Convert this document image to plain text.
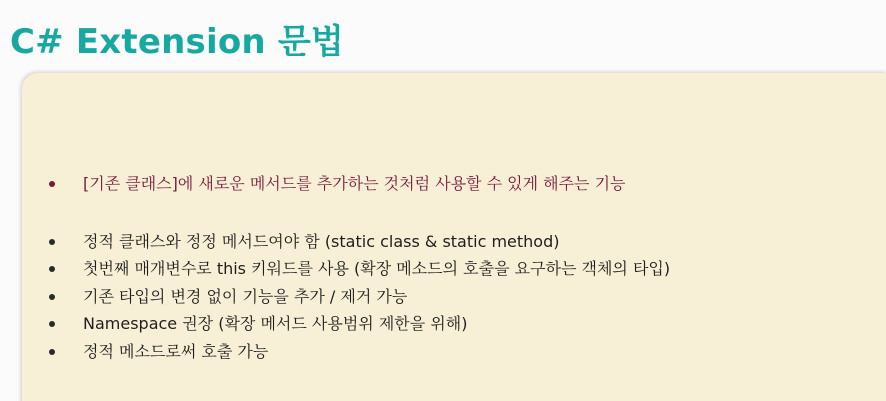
C# Extension 문법
[기존 클래스]에 새로운 메서드를 추가하는 것처럼 사용할 수 있게 해주는 기능
정적 클래스와 정정 메서드여야 함 (static class & static method)
첫번째 매개변수로 this 키워드를 사용 (확장 메소드의 호출을 요구하는 객체의 타입)
기존 타입의 변경 없이 기능을 추가 / 제거 가능
Namespace 권장 (확장 메서드 사용범위 제한을 위해)
정적 메소드로써 호출 가능
